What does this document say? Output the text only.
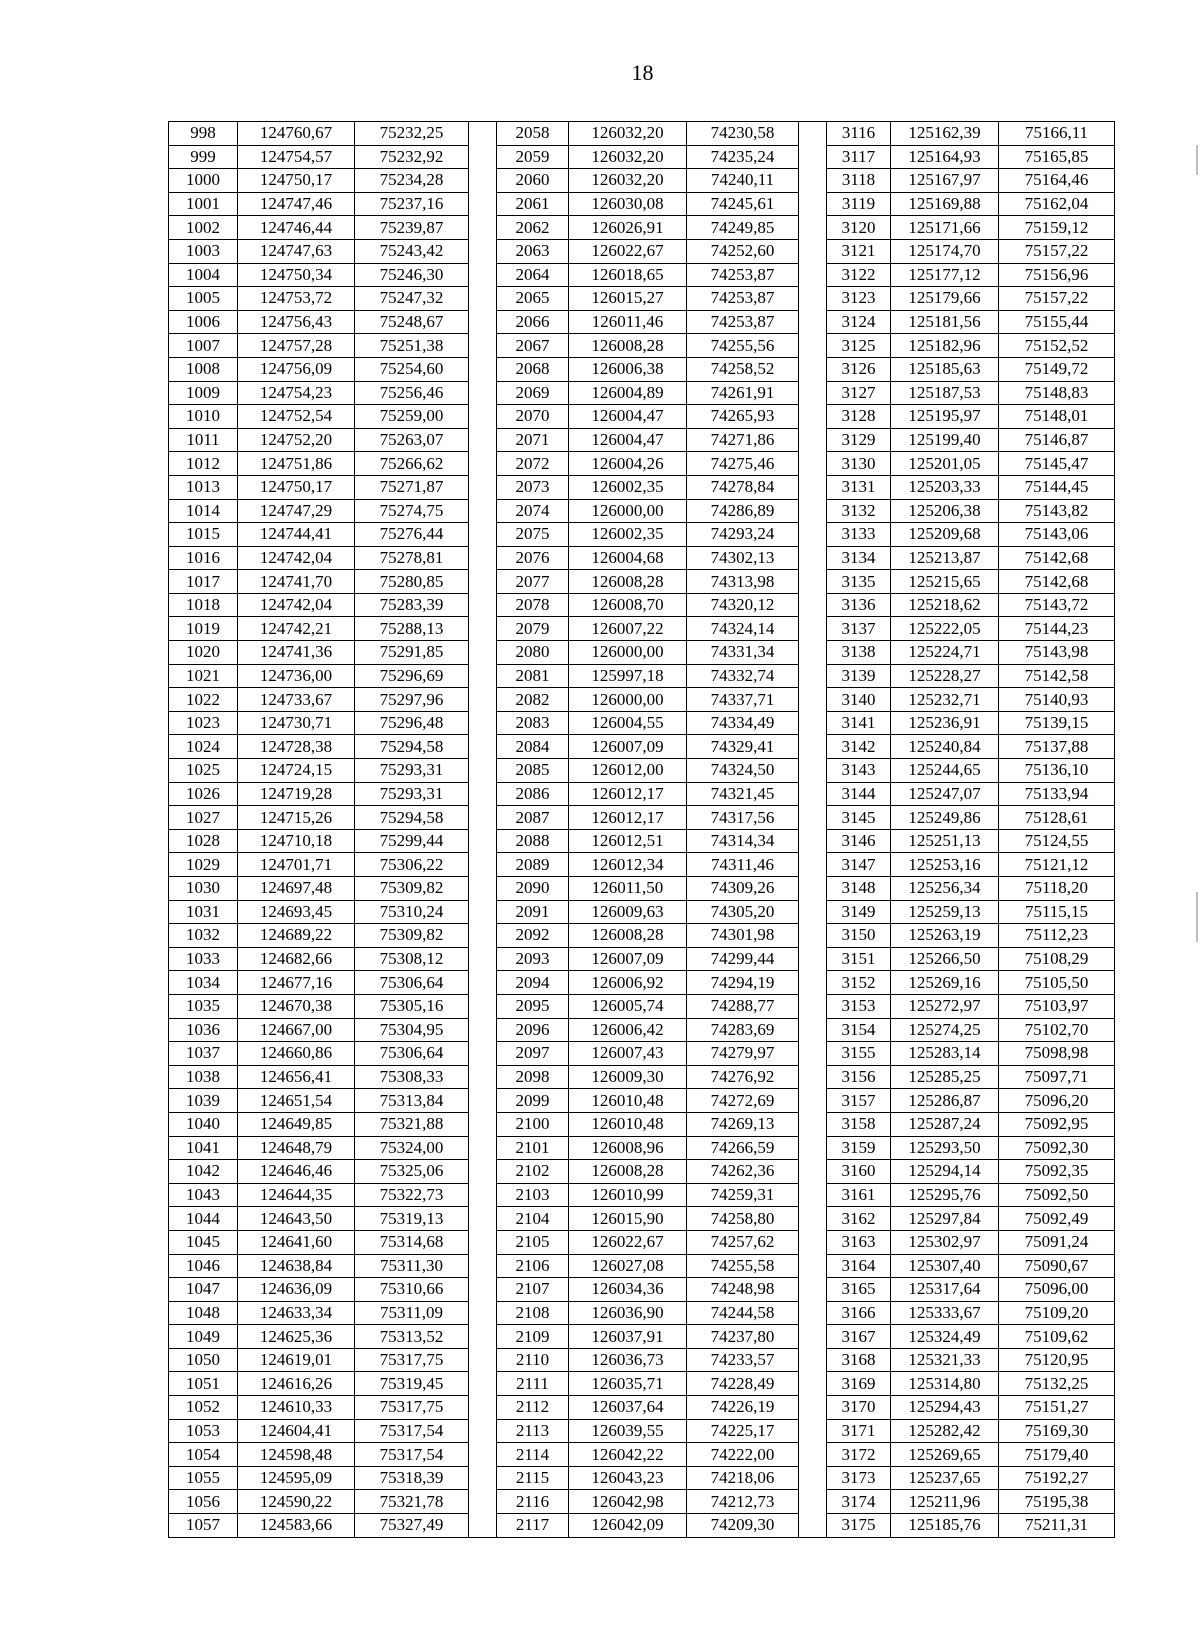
18
998	124760,67	75232,25		2058	126032,20	74230,58		3116	125162,39	75166,11
999	124754,57	75232,92		2059	126032,20	74235,24		3117	125164,93	75165,85
1000	124750,17	75234,28		2060	126032,20	74240,11		3118	125167,97	75164,46
1001	124747,46	75237,16		2061	126030,08	74245,61		3119	125169,88	75162,04
1002	124746,44	75239,87		2062	126026,91	74249,85		3120	125171,66	75159,12
1003	124747,63	75243,42		2063	126022,67	74252,60		3121	125174,70	75157,22
1004	124750,34	75246,30		2064	126018,65	74253,87		3122	125177,12	75156,96
1005	124753,72	75247,32		2065	126015,27	74253,87		3123	125179,66	75157,22
1006	124756,43	75248,67		2066	126011,46	74253,87		3124	125181,56	75155,44
1007	124757,28	75251,38		2067	126008,28	74255,56		3125	125182,96	75152,52
1008	124756,09	75254,60		2068	126006,38	74258,52		3126	125185,63	75149,72
1009	124754,23	75256,46		2069	126004,89	74261,91		3127	125187,53	75148,83
1010	124752,54	75259,00		2070	126004,47	74265,93		3128	125195,97	75148,01
1011	124752,20	75263,07		2071	126004,47	74271,86		3129	125199,40	75146,87
1012	124751,86	75266,62		2072	126004,26	74275,46		3130	125201,05	75145,47
1013	124750,17	75271,87		2073	126002,35	74278,84		3131	125203,33	75144,45
1014	124747,29	75274,75		2074	126000,00	74286,89		3132	125206,38	75143,82
1015	124744,41	75276,44		2075	126002,35	74293,24		3133	125209,68	75143,06
1016	124742,04	75278,81		2076	126004,68	74302,13		3134	125213,87	75142,68
1017	124741,70	75280,85		2077	126008,28	74313,98		3135	125215,65	75142,68
1018	124742,04	75283,39		2078	126008,70	74320,12		3136	125218,62	75143,72
1019	124742,21	75288,13		2079	126007,22	74324,14		3137	125222,05	75144,23
1020	124741,36	75291,85		2080	126000,00	74331,34		3138	125224,71	75143,98
1021	124736,00	75296,69		2081	125997,18	74332,74		3139	125228,27	75142,58
1022	124733,67	75297,96		2082	126000,00	74337,71		3140	125232,71	75140,93
1023	124730,71	75296,48		2083	126004,55	74334,49		3141	125236,91	75139,15
1024	124728,38	75294,58		2084	126007,09	74329,41		3142	125240,84	75137,88
1025	124724,15	75293,31		2085	126012,00	74324,50		3143	125244,65	75136,10
1026	124719,28	75293,31		2086	126012,17	74321,45		3144	125247,07	75133,94
1027	124715,26	75294,58		2087	126012,17	74317,56		3145	125249,86	75128,61
1028	124710,18	75299,44		2088	126012,51	74314,34		3146	125251,13	75124,55
1029	124701,71	75306,22		2089	126012,34	74311,46		3147	125253,16	75121,12
1030	124697,48	75309,82		2090	126011,50	74309,26		3148	125256,34	75118,20
1031	124693,45	75310,24		2091	126009,63	74305,20		3149	125259,13	75115,15
1032	124689,22	75309,82		2092	126008,28	74301,98		3150	125263,19	75112,23
1033	124682,66	75308,12		2093	126007,09	74299,44		3151	125266,50	75108,29
1034	124677,16	75306,64		2094	126006,92	74294,19		3152	125269,16	75105,50
1035	124670,38	75305,16		2095	126005,74	74288,77		3153	125272,97	75103,97
1036	124667,00	75304,95		2096	126006,42	74283,69		3154	125274,25	75102,70
1037	124660,86	75306,64		2097	126007,43	74279,97		3155	125283,14	75098,98
1038	124656,41	75308,33		2098	126009,30	74276,92		3156	125285,25	75097,71
1039	124651,54	75313,84		2099	126010,48	74272,69		3157	125286,87	75096,20
1040	124649,85	75321,88		2100	126010,48	74269,13		3158	125287,24	75092,95
1041	124648,79	75324,00		2101	126008,96	74266,59		3159	125293,50	75092,30
1042	124646,46	75325,06		2102	126008,28	74262,36		3160	125294,14	75092,35
1043	124644,35	75322,73		2103	126010,99	74259,31		3161	125295,76	75092,50
1044	124643,50	75319,13		2104	126015,90	74258,80		3162	125297,84	75092,49
1045	124641,60	75314,68		2105	126022,67	74257,62		3163	125302,97	75091,24
1046	124638,84	75311,30		2106	126027,08	74255,58		3164	125307,40	75090,67
1047	124636,09	75310,66		2107	126034,36	74248,98		3165	125317,64	75096,00
1048	124633,34	75311,09		2108	126036,90	74244,58		3166	125333,67	75109,20
1049	124625,36	75313,52		2109	126037,91	74237,80		3167	125324,49	75109,62
1050	124619,01	75317,75		2110	126036,73	74233,57		3168	125321,33	75120,95
1051	124616,26	75319,45		2111	126035,71	74228,49		3169	125314,80	75132,25
1052	124610,33	75317,75		2112	126037,64	74226,19		3170	125294,43	75151,27
1053	124604,41	75317,54		2113	126039,55	74225,17		3171	125282,42	75169,30
1054	124598,48	75317,54		2114	126042,22	74222,00		3172	125269,65	75179,40
1055	124595,09	75318,39		2115	126043,23	74218,06		3173	125237,65	75192,27
1056	124590,22	75321,78		2116	126042,98	74212,73		3174	125211,96	75195,38
1057	124583,66	75327,49		2117	126042,09	74209,30		3175	125185,76	75211,31
